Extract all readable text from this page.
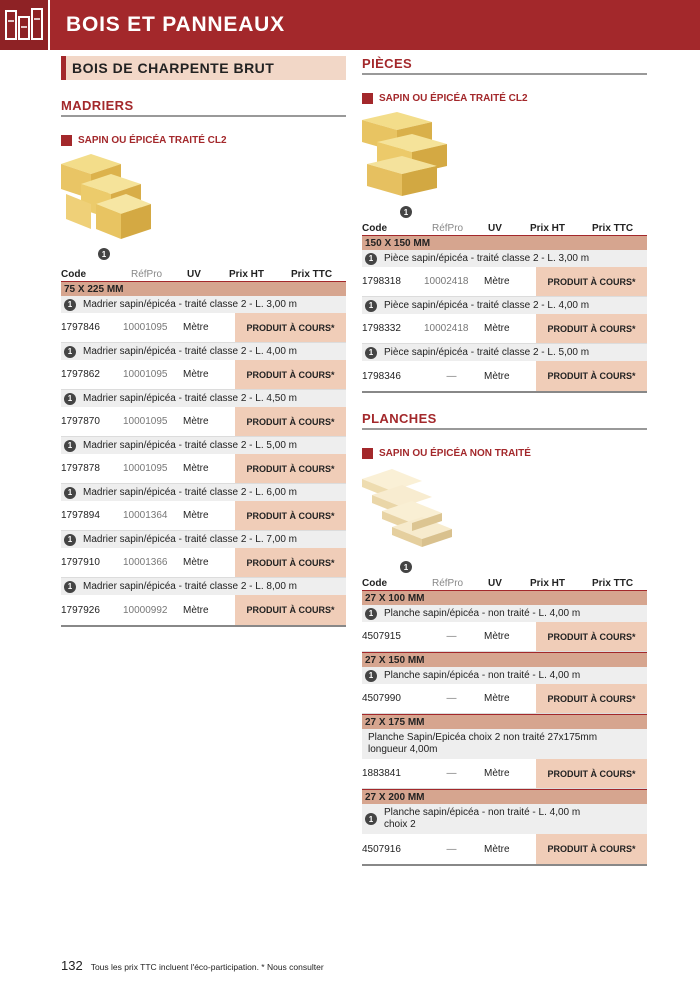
BOIS ET PANNEAUX
BOIS DE CHARPENTE BRUT
MADRIERS
SAPIN OU ÉPICÉA TRAITÉ CL2
1
Code	RéfPro	UV	Prix HT	Prix TTC
75 X 225 MM
1	Madrier sapin/épicéa - traité classe 2 - L. 3,00 m
1797846	10001095	Mètre	PRODUIT À COURS*
1	Madrier sapin/épicéa - traité classe 2 - L. 4,00 m
1797862	10001095	Mètre	PRODUIT À COURS*
1	Madrier sapin/épicéa - traité classe 2 - L. 4,50 m
1797870	10001095	Mètre	PRODUIT À COURS*
1	Madrier sapin/épicéa - traité classe 2 - L. 5,00 m
1797878	10001095	Mètre	PRODUIT À COURS*
1	Madrier sapin/épicéa - traité classe 2 - L. 6,00 m
1797894	10001364	Mètre	PRODUIT À COURS*
1	Madrier sapin/épicéa - traité classe 2 - L. 7,00 m
1797910	10001366	Mètre	PRODUIT À COURS*
1	Madrier sapin/épicéa - traité classe 2 - L. 8,00 m
1797926	10000992	Mètre	PRODUIT À COURS*
PIÈCES
SAPIN OU ÉPICÉA TRAITÉ CL2
1
Code	RéfPro	UV	Prix HT	Prix TTC
150 X 150 MM
1	Pièce sapin/épicéa - traité classe 2 - L. 3,00 m
1798318	10002418	Mètre	PRODUIT À COURS*
1	Pièce sapin/épicéa - traité classe 2 - L. 4,00 m
1798332	10002418	Mètre	PRODUIT À COURS*
1	Pièce sapin/épicéa - traité classe 2 - L. 5,00 m
1798346	—	Mètre	PRODUIT À COURS*
PLANCHES
SAPIN OU ÉPICÉA NON TRAITÉ
1
Code	RéfPro	UV	Prix HT	Prix TTC
27 X 100 MM
1	Planche sapin/épicéa - non traité - L. 4,00 m
4507915	—	Mètre	PRODUIT À COURS*
27 X 150 MM
1	Planche sapin/épicéa - non traité - L. 4,00 m
4507990	—	Mètre	PRODUIT À COURS*
27 X 175 MM
Planche Sapin/Epicéa choix 2 non traité 27x175mm longueur 4,00m
1883841	—	Mètre	PRODUIT À COURS*
27 X 200 MM
1
Planche sapin/épicéa - non traité - L. 4,00 m choix 2
4507916	—	Mètre	PRODUIT À COURS*
132 Tous les prix TTC incluent l'éco-participation. * Nous consulter
